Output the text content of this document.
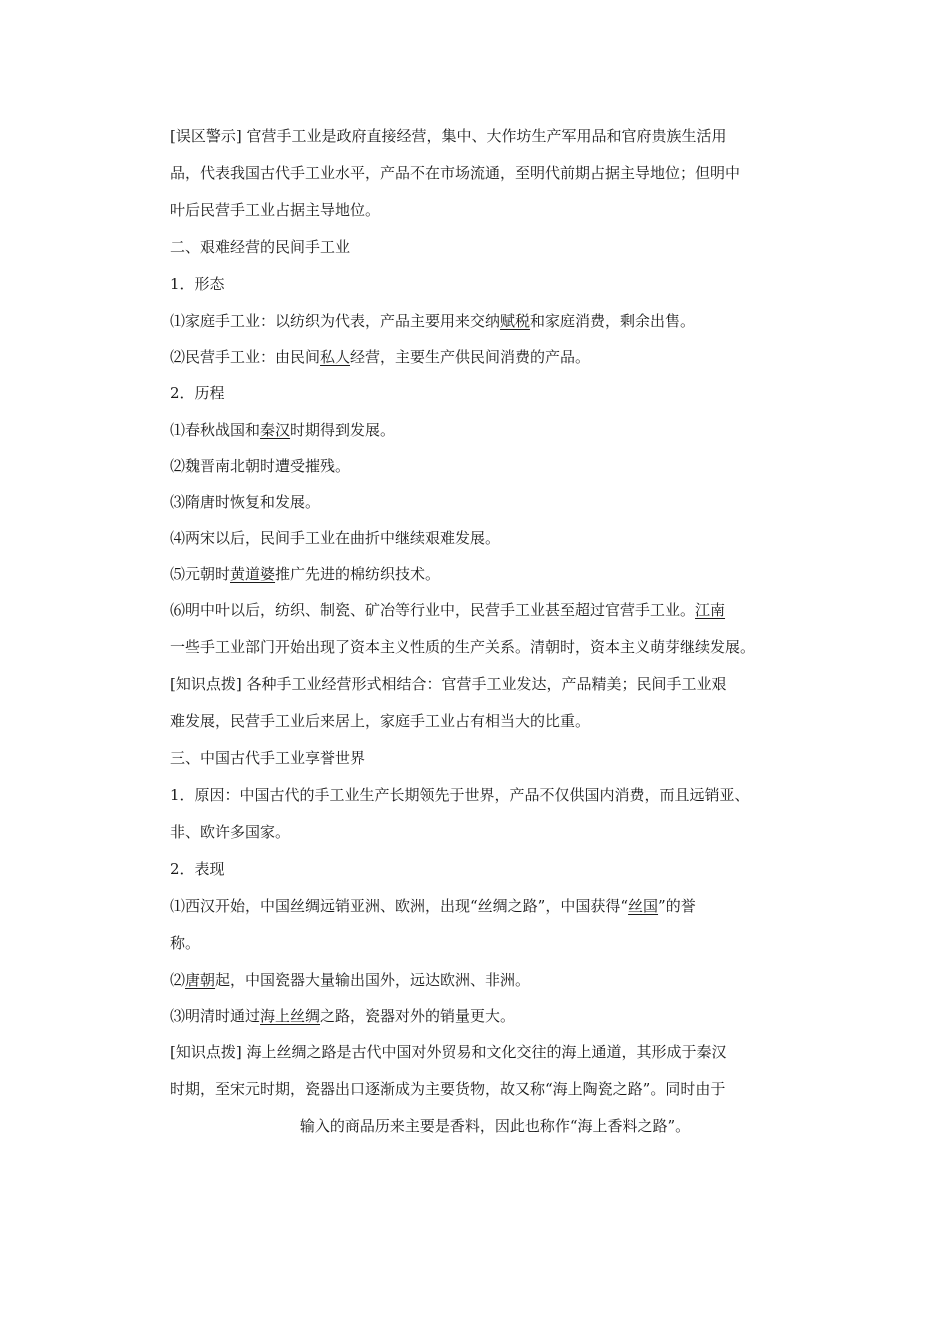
[误区警示] 官营手工业是政府直接经营，集中、大作坊生产军用品和官府贵族生活用
品，代表我国古代手工业水平，产品不在市场流通，至明代前期占据主导地位；但明中
叶后民营手工业占据主导地位。
二、艰难经营的民间手工业
1．形态
⑴家庭手工业：以纺织为代表，产品主要用来交纳赋税和家庭消费，剩余出售。
⑵民营手工业：由民间私人经营，主要生产供民间消费的产品。
2．历程
⑴春秋战国和秦汉时期得到发展。
⑵魏晋南北朝时遭受摧残。
⑶隋唐时恢复和发展。
⑷两宋以后，民间手工业在曲折中继续艰难发展。
⑸元朝时黄道婆推广先进的棉纺织技术。
⑹明中叶以后，纺织、制瓷、矿冶等行业中，民营手工业甚至超过官营手工业。江南
一些手工业部门开始出现了资本主义性质的生产关系。清朝时，资本主义萌芽继续发展。
[知识点拨] 各种手工业经营形式相结合：官营手工业发达，产品精美；民间手工业艰
难发展，民营手工业后来居上，家庭手工业占有相当大的比重。
三、中国古代手工业享誉世界
1．原因：中国古代的手工业生产长期领先于世界，产品不仅供国内消费，而且远销亚、
非、欧许多国家。
2．表现
⑴西汉开始，中国丝绸远销亚洲、欧洲，出现“丝绸之路”，中国获得“丝国”的誉
称。
⑵唐朝起，中国瓷器大量输出国外，远达欧洲、非洲。
⑶明清时通过海上丝绸之路，瓷器对外的销量更大。
[知识点拨] 海上丝绸之路是古代中国对外贸易和文化交往的海上通道，其形成于秦汉
时期，至宋元时期，瓷器出口逐渐成为主要货物，故又称“海上陶瓷之路”。同时由于
输入的商品历来主要是香料，因此也称作“海上香料之路”。
